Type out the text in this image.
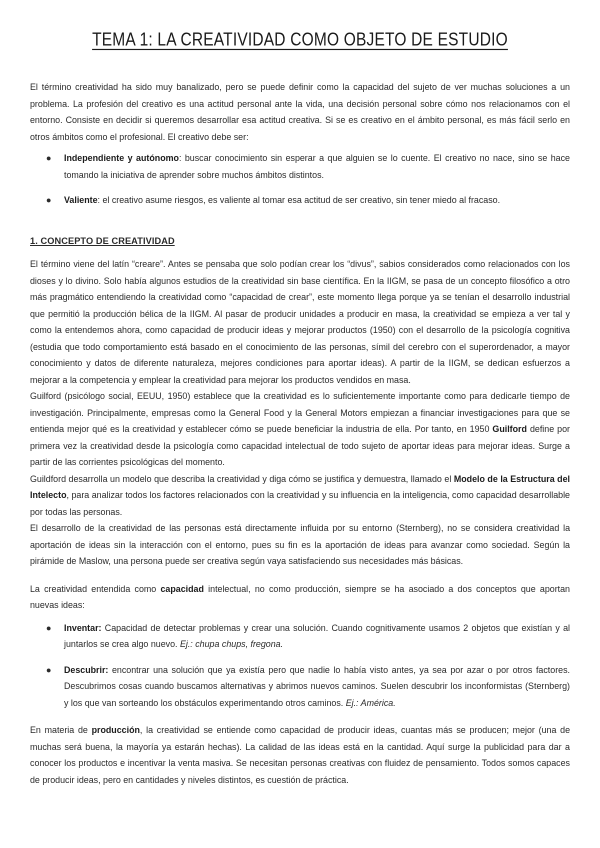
TEMA 1: LA CREATIVIDAD COMO OBJETO DE ESTUDIO

El término creatividad ha sido muy banalizado, pero se puede definir como la capacidad del sujeto de ver muchas soluciones a un problema. La profesión del creativo es una actitud personal ante la vida, una decisión personal sobre cómo nos relacionamos con el entorno. Consiste en decidir si queremos desarrollar esa actitud creativa. Si se es creativo en el ámbito personal, es más fácil serlo en otros ámbitos como el profesional. El creativo debe ser:

● Independiente y autónomo: buscar conocimiento sin esperar a que alguien se lo cuente. El creativo no nace, sino se hace tomando la iniciativa de aprender sobre muchos ámbitos distintos.
● Valiente: el creativo asume riesgos, es valiente al tomar esa actitud de ser creativo, sin tener miedo al fracaso.
1. CONCEPTO DE CREATIVIDAD

El término viene del latín “creare”. Antes se pensaba que solo podían crear los “divus”, sabios considerados como relacionados con los dioses y lo divino. Solo había algunos estudios de la creatividad sin base científica. En la IIGM, se pasa de un concepto filosófico a otro más pragmático entendiendo la creatividad como “capacidad de crear”, este momento llega porque ya se tenían el desarrollo industrial que permitió la producción bélica de la IIGM. Al pasar de producir unidades a producir en masa, la creatividad se empieza a ver tal y como la entendemos ahora, como capacidad de producir ideas y mejorar productos (1950) con el desarrollo de la psicología cognitiva (estudia que todo comportamiento está basado en el conocimiento de las personas, símil del cerebro con el superordenador, a mayor conocimiento y datos de diferente naturaleza, mejores condiciones para aportar ideas). A partir de la IIGM, se dedican esfuerzos a mejorar a la competencia y emplear la creatividad para mejorar los productos vendidos en masa.

Guilford (psicólogo social, EEUU, 1950) establece que la creatividad es lo suficientemente importante como para dedicarle tiempo de investigación. Principalmente, empresas como la General Food y la General Motors empiezan a financiar investigaciones para que se entienda mejor qué es la creatividad y establecer cómo se puede beneficiar la industria de ella. Por tanto, en 1950 Guilford define por primera vez la creatividad desde la psicología como capacidad intelectual de todo sujeto de aportar ideas para mejorar ideas. Surge a partir de las corrientes psicológicas del momento.

Guildford desarrolla un modelo que describa la creatividad y diga cómo se justifica y demuestra, llamado el Modelo de la Estructura del Intelecto, para analizar todos los factores relacionados con la creatividad y su influencia en la inteligencia, como capacidad desarrollable por todas las personas.

El desarrollo de la creatividad de las personas está directamente influida por su entorno (Sternberg), no se considera creatividad la aportación de ideas sin la interacción con el entorno, pues su fin es la aportación de ideas para avanzar como sociedad. Según la pirámide de Maslow, una persona puede ser creativa según vaya satisfaciendo sus necesidades más básicas.

La creatividad entendida como capacidad intelectual, no como producción, siempre se ha asociado a dos conceptos que aportan nuevas ideas:

● Inventar: Capacidad de detectar problemas y crear una solución. Cuando cognitivamente usamos 2 objetos que existían y al juntarlos se crea algo nuevo. Ej.: chupa chups, fregona.
● Descubrir: encontrar una solución que ya existía pero que nadie lo había visto antes, ya sea por azar o por otros factores. Descubrimos cosas cuando buscamos alternativas y abrimos nuevos caminos. Suelen descubrir los inconformistas (Sternberg) y los que van sorteando los obstáculos experimentando otros caminos. Ej.: América.

En materia de producción, la creatividad se entiende como capacidad de producir ideas, cuantas más se producen; mejor (una de muchas será buena, la mayoría ya estarán hechas). La calidad de las ideas está en la cantidad. Aquí surge la publicidad para dar a conocer los productos e incentivar la venta masiva. Se necesitan personas creativas con fluidez de pensamiento. Todos somos capaces de producir ideas, pero en cantidades y niveles distintos, es cuestión de práctica.
